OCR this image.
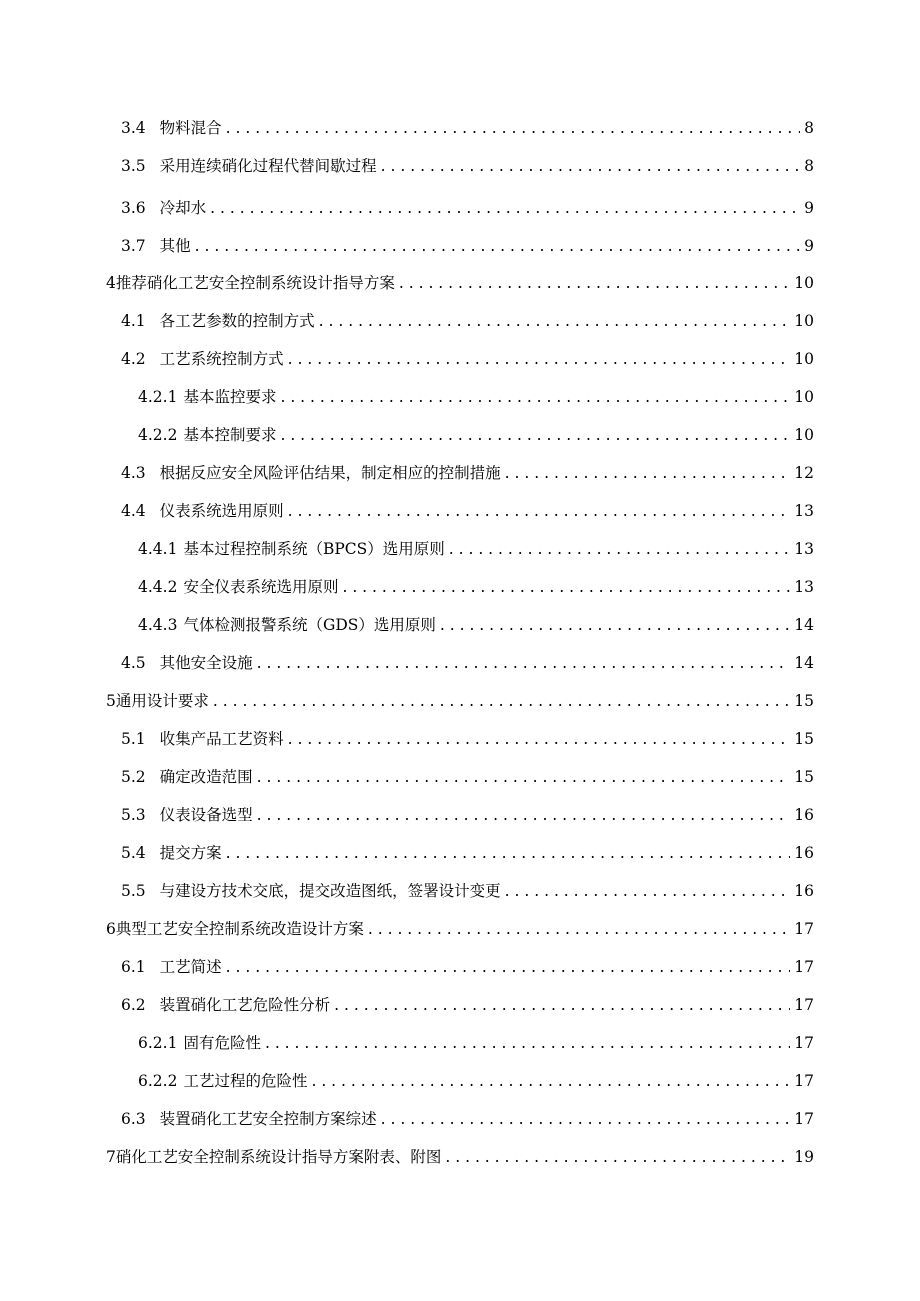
3.4 物料混合 . . .	8
3.5 采用连续硝化过程代替间歇过程 . . .	8
3.6 冷却水 . . .	9
3.7 其他 . . .	9
4 推荐硝化工艺安全控制系统设计指导方案 . . .	10
4.1 各工艺参数的控制方式 . . .	10
4.2 工艺系统控制方式 . . .	10
4.2.1 基本监控要求 . . .	10
4.2.2 基本控制要求 . . .	10
4.3 根据反应安全风险评估结果，制定相应的控制措施 . . .	12
4.4 仪表系统选用原则 . . .	13
4.4.1 基本过程控制系统（BPCS）选用原则 . . .	13
4.4.2 安全仪表系统选用原则 . . .	13
4.4.3 气体检测报警系统（GDS）选用原则 . . .	14
4.5 其他安全设施 . . .	14
5 通用设计要求 . . .	15
5.1 收集产品工艺资料 . . .	15
5.2 确定改造范围 . . .	15
5.3 仪表设备选型 . . .	16
5.4 提交方案 . . .	16
5.5 与建设方技术交底，提交改造图纸，签署设计变更 . . .	16
6 典型工艺安全控制系统改造设计方案 . . .	17
6.1 工艺简述 . . .	17
6.2 装置硝化工艺危险性分析 . . .	17
6.2.1 固有危险性 . . .	17
6.2.2 工艺过程的危险性 . . .	17
6.3 装置硝化工艺安全控制方案综述 . . .	17
7 硝化工艺安全控制系统设计指导方案附表、附图 . . .	19
